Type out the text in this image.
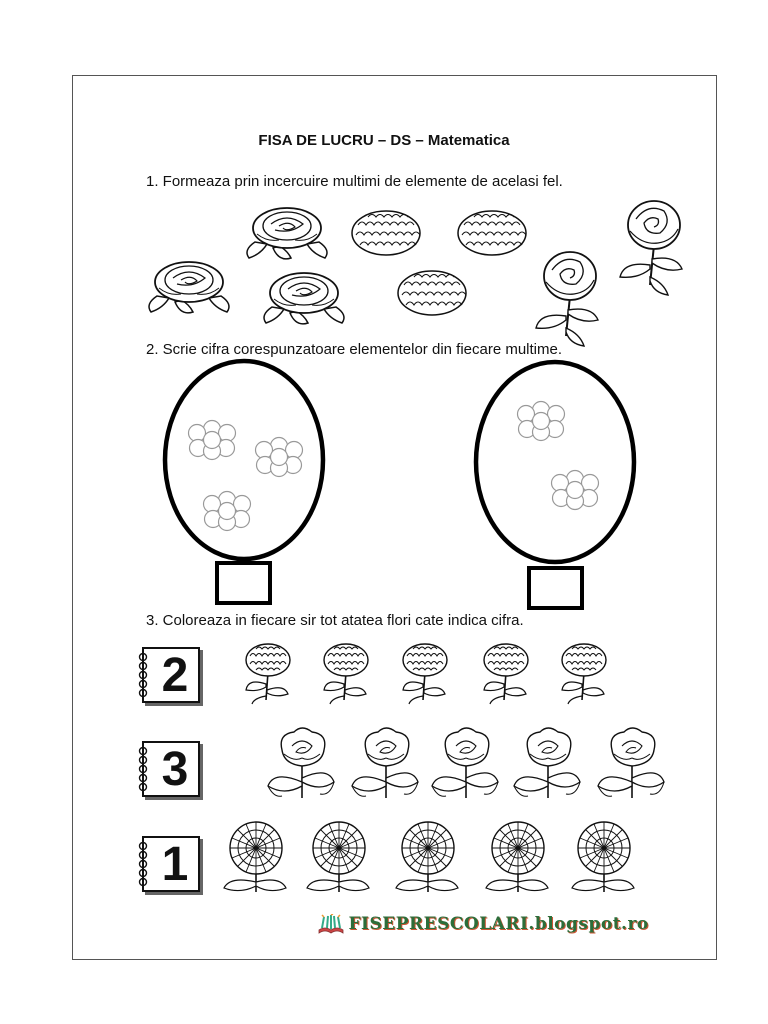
FISA DE LUCRU – DS – Matematica
1. Formeaza prin incercuire multimi de elemente de acelasi fel.
2. Scrie cifra corespunzatoare elementelor din fiecare multime.
3. Coloreaza in fiecare sir tot atatea flori cate indica cifra.
2
3
1
FISEPRESCOLARI.blogspot.ro
